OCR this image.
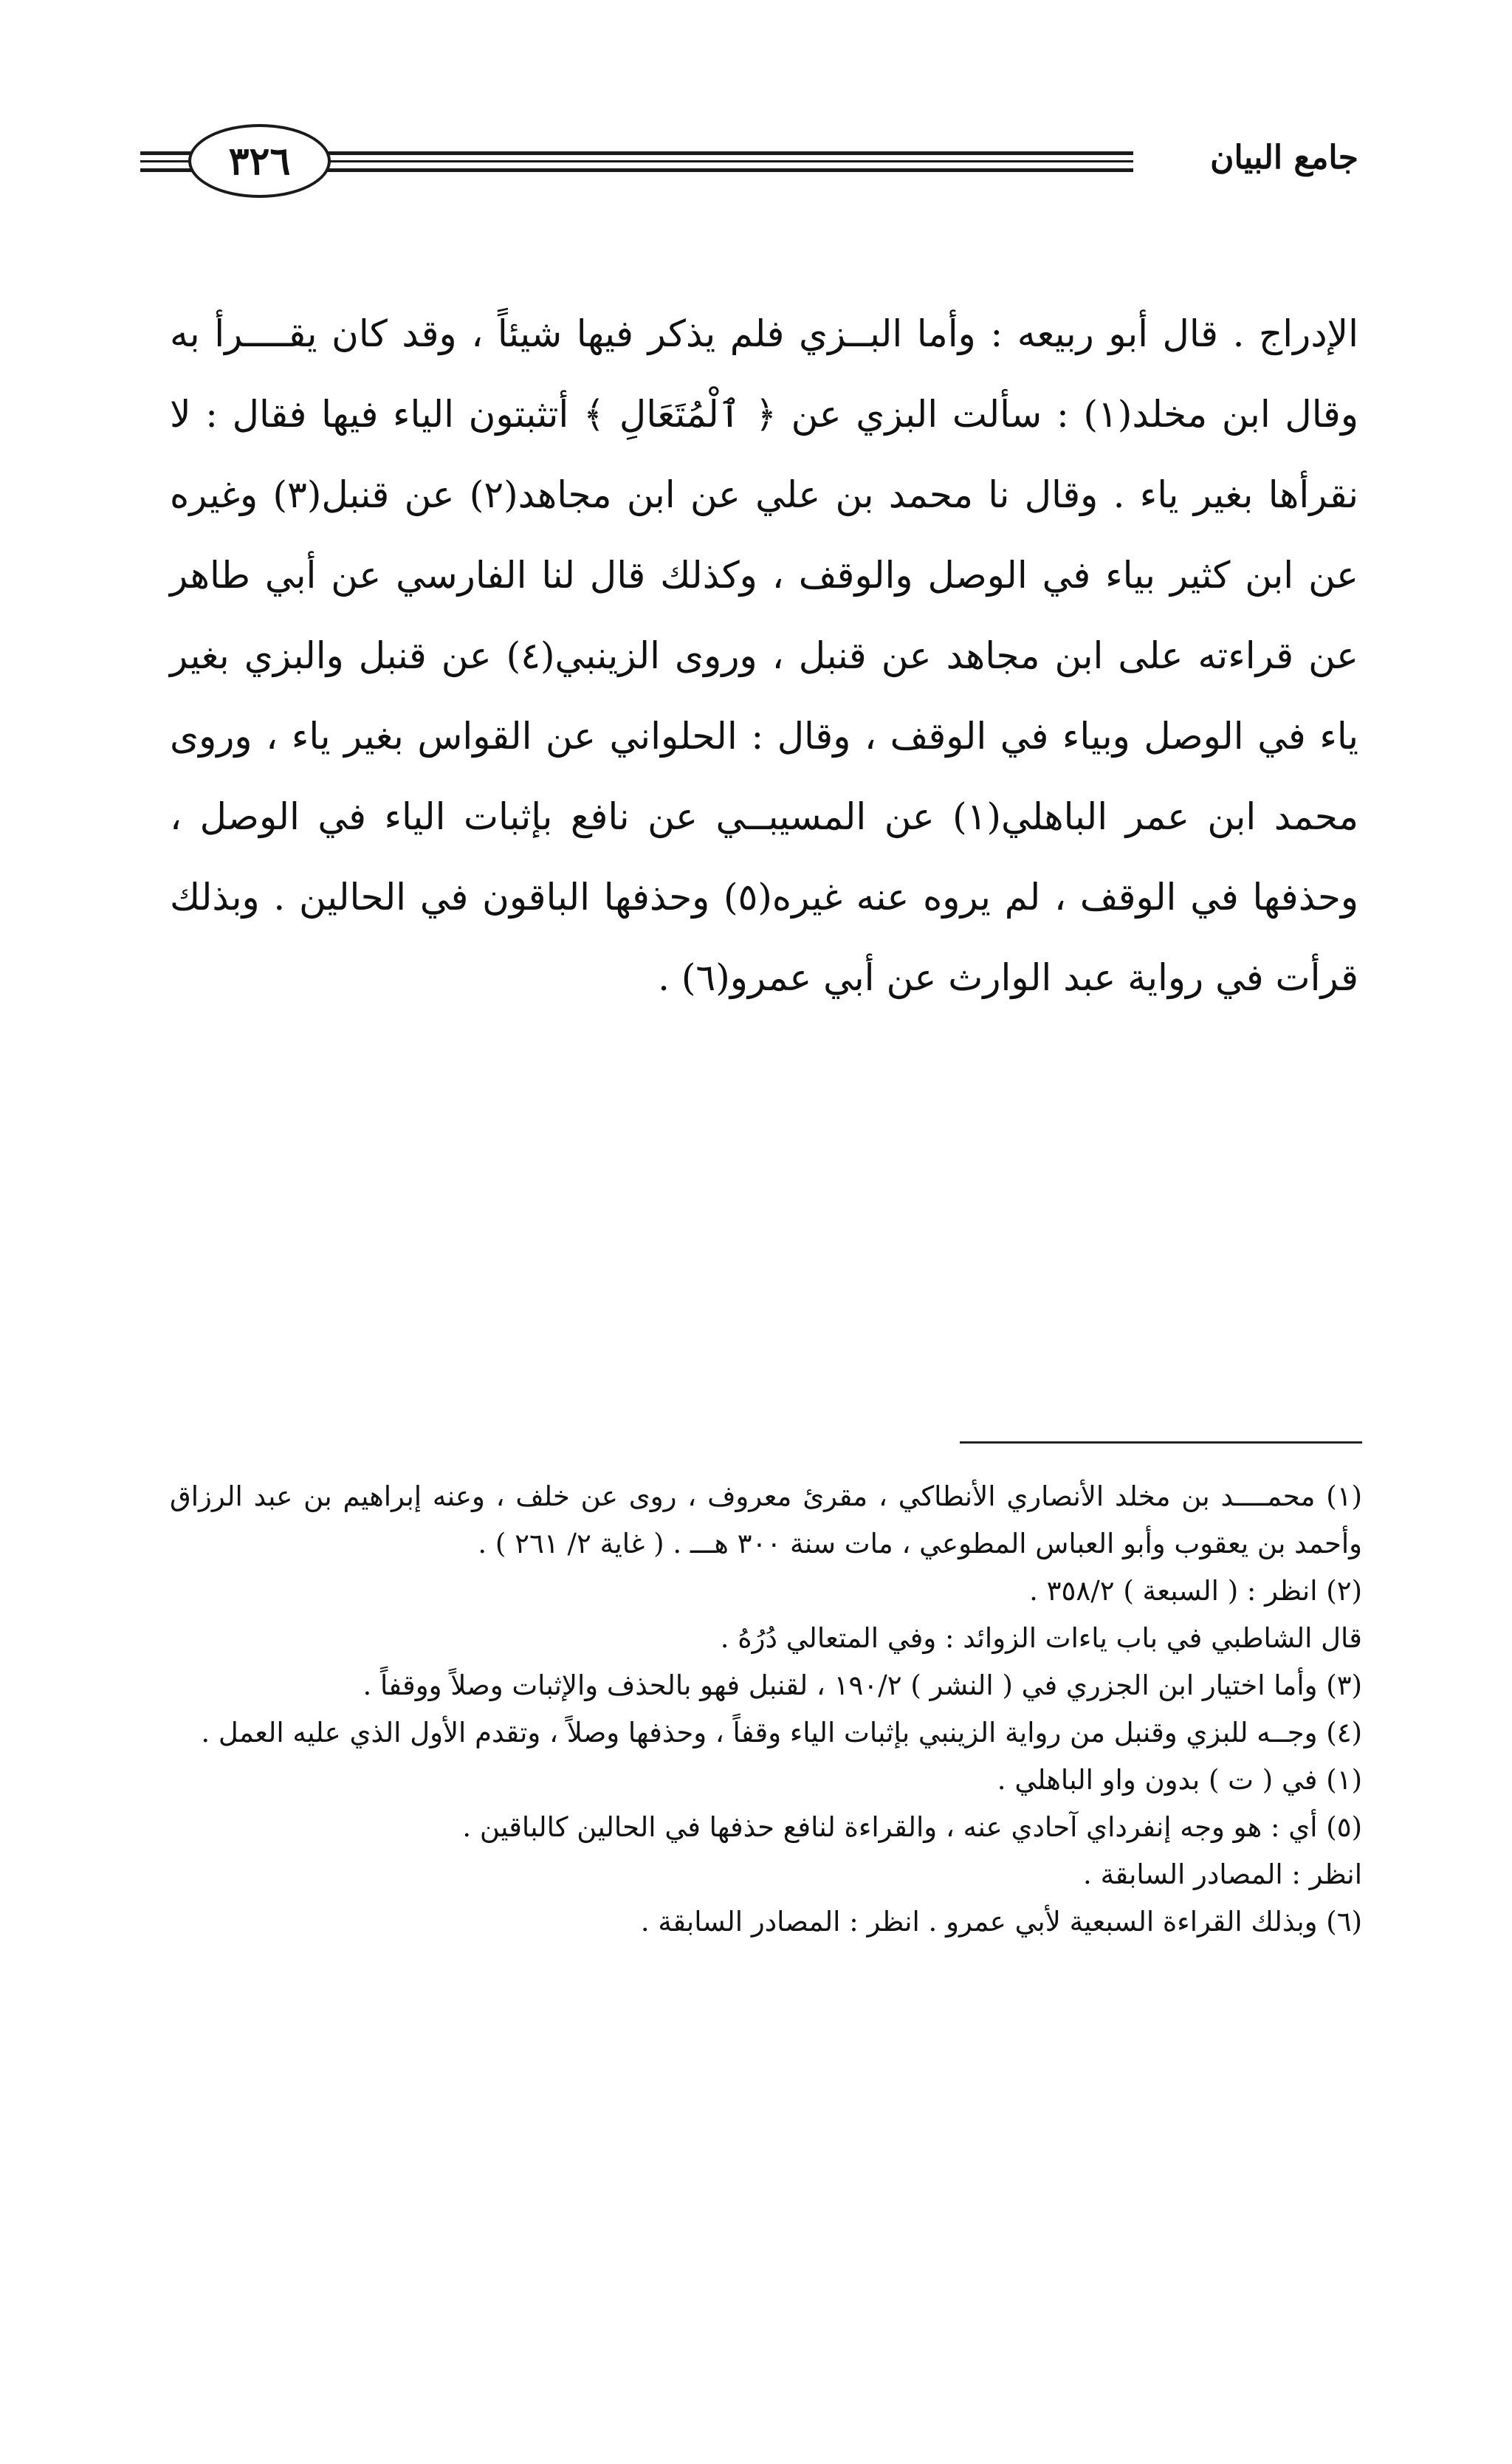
٣٢٦	جامع البيان

الإدراج . قال أبو ربيعه : وأما البــزي فلم يذكر فيها شيئاً ، وقد كان يقــــرأ به وقال ابن مخلد(١) : سألت البزي عن ﴿ ٱلْمُتَعَالِ ﴾ أتثبتون الياء فيها فقال : لا نقرأها بغير ياء . وقال نا محمد بن علي عن ابن مجاهد(٢) عن قنبل(٣) وغيره عن ابن كثير بياء في الوصل والوقف ، وكذلك قال لنا الفارسي عن أبي طاهر عن قراءته على ابن مجاهد عن قنبل ، وروى الزينبي(٤) عن قنبل والبزي بغير ياء في الوصل وبياء في الوقف ، وقال : الحلواني عن القواس بغير ياء ، وروى محمد ابن عمر الباهلي(١) عن المسيبــي عن نافع بإثبات الياء في الوصل ، وحذفها في الوقف ، لم يروه عنه غيره(٥) وحذفها الباقون في الحالين . وبذلك قرأت في رواية عبد الوارث عن أبي عمرو(٦) .

(١) محمــــد بن مخلد الأنصاري الأنطاكي ، مقرئ معروف ، روى عن خلف ، وعنه إبراهيم بن عبد الرزاق وأحمد بن يعقوب وأبو العباس المطوعي ، مات سنة ٣٠٠ هـــ . ( غاية ٢/ ٢٦١ ) .

(٢) انظر : ( السبعة ) ٣٥٨/٢ .

قال الشاطبي في باب ياءات الزوائد : وفي المتعالي دُرُهُ .

(٣) وأما اختيار ابن الجزري في ( النشر ) ١٩٠/٢ ، لقنبل فهو بالحذف والإثبات وصلاً ووقفاً .

(٤) وجــه للبزي وقنبل من رواية الزينبي بإثبات الياء وقفاً ، وحذفها وصلاً ، وتقدم الأول الذي عليه العمل .

(١) في ( ت ) بدون واو الباهلي .

(٥) أي : هو وجه إنفرداي آحادي عنه ، والقراءة لنافع حذفها في الحالين كالباقين .

انظر : المصادر السابقة .

(٦) وبذلك القراءة السبعية لأبي عمرو . انظر : المصادر السابقة .
